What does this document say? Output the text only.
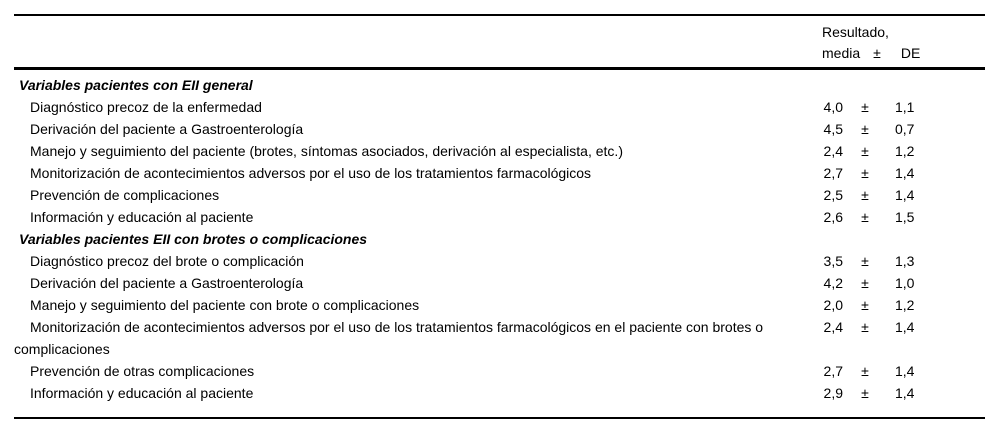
Resultado,
media ± DE
Variables pacientes con EII general
Diagnóstico precoz de la enfermedad	4,0	±	1,1
Derivación del paciente a Gastroenterología	4,5	±	0,7
Manejo y seguimiento del paciente (brotes, síntomas asociados, derivación al especialista, etc.)	2,4	±	1,2
Monitorización de acontecimientos adversos por el uso de los tratamientos farmacológicos	2,7	±	1,4
Prevención de complicaciones	2,5	±	1,4
Información y educación al paciente	2,6	±	1,5
Variables pacientes EII con brotes o complicaciones
Diagnóstico precoz del brote o complicación	3,5	±	1,3
Derivación del paciente a Gastroenterología	4,2	±	1,0
Manejo y seguimiento del paciente con brote o complicaciones	2,0	±	1,2
Monitorización de acontecimientos adversos por el uso de los tratamientos farmacológicos en el paciente con brotes o complicaciones
2,4	±	1,4
Prevención de otras complicaciones	2,7	±	1,4
Información y educación al paciente	2,9	±	1,4
